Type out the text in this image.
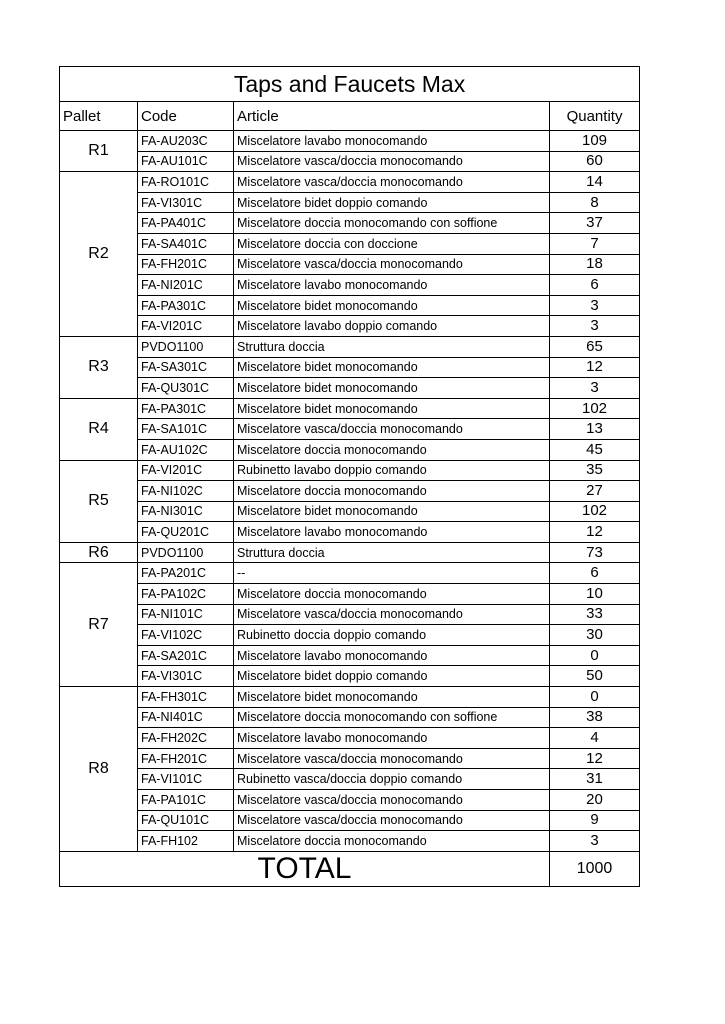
Taps and Faucets Max			
Pallet	Code	Article	Quantity
R1	FA-AU203C	Miscelatore lavabo monocomando	109
	FA-AU101C	Miscelatore vasca/doccia monocomando	60
R2	FA-RO101C	Miscelatore vasca/doccia monocomando	14
	FA-VI301C	Miscelatore bidet doppio comando	8
	FA-PA401C	Miscelatore doccia monocomando con soffione	37
	FA-SA401C	Miscelatore doccia con doccione	7
	FA-FH201C	Miscelatore vasca/doccia monocomando	18
	FA-NI201C	Miscelatore lavabo monocomando	6
	FA-PA301C	Miscelatore bidet monocomando	3
	FA-VI201C	Miscelatore lavabo doppio comando	3
R3	PVDO1100	Struttura doccia	65
	FA-SA301C	Miscelatore bidet monocomando	12
	FA-QU301C	Miscelatore bidet monocomando	3
R4	FA-PA301C	Miscelatore bidet monocomando	102
	FA-SA101C	Miscelatore vasca/doccia monocomando	13
	FA-AU102C	Miscelatore doccia monocomando	45
R5	FA-VI201C	Rubinetto lavabo doppio comando	35
	FA-NI102C	Miscelatore doccia monocomando	27
	FA-NI301C	Miscelatore bidet monocomando	102
	FA-QU201C	Miscelatore lavabo monocomando	12
R6	PVDO1100	Struttura doccia	73
R7	FA-PA201C	--	6
	FA-PA102C	Miscelatore doccia monocomando	10
	FA-NI101C	Miscelatore vasca/doccia monocomando	33
	FA-VI102C	Rubinetto doccia doppio comando	30
	FA-SA201C	Miscelatore lavabo monocomando	0
	FA-VI301C	Miscelatore bidet doppio comando	50
R8	FA-FH301C	Miscelatore bidet monocomando	0
	FA-NI401C	Miscelatore doccia monocomando con soffione	38
	FA-FH202C	Miscelatore lavabo monocomando	4
	FA-FH201C	Miscelatore vasca/doccia monocomando	12
	FA-VI101C	Rubinetto vasca/doccia doppio comando	31
	FA-PA101C	Miscelatore vasca/doccia monocomando	20
	FA-QU101C	Miscelatore vasca/doccia monocomando	9
	FA-FH102	Miscelatore doccia monocomando	3
TOTAL			1000
